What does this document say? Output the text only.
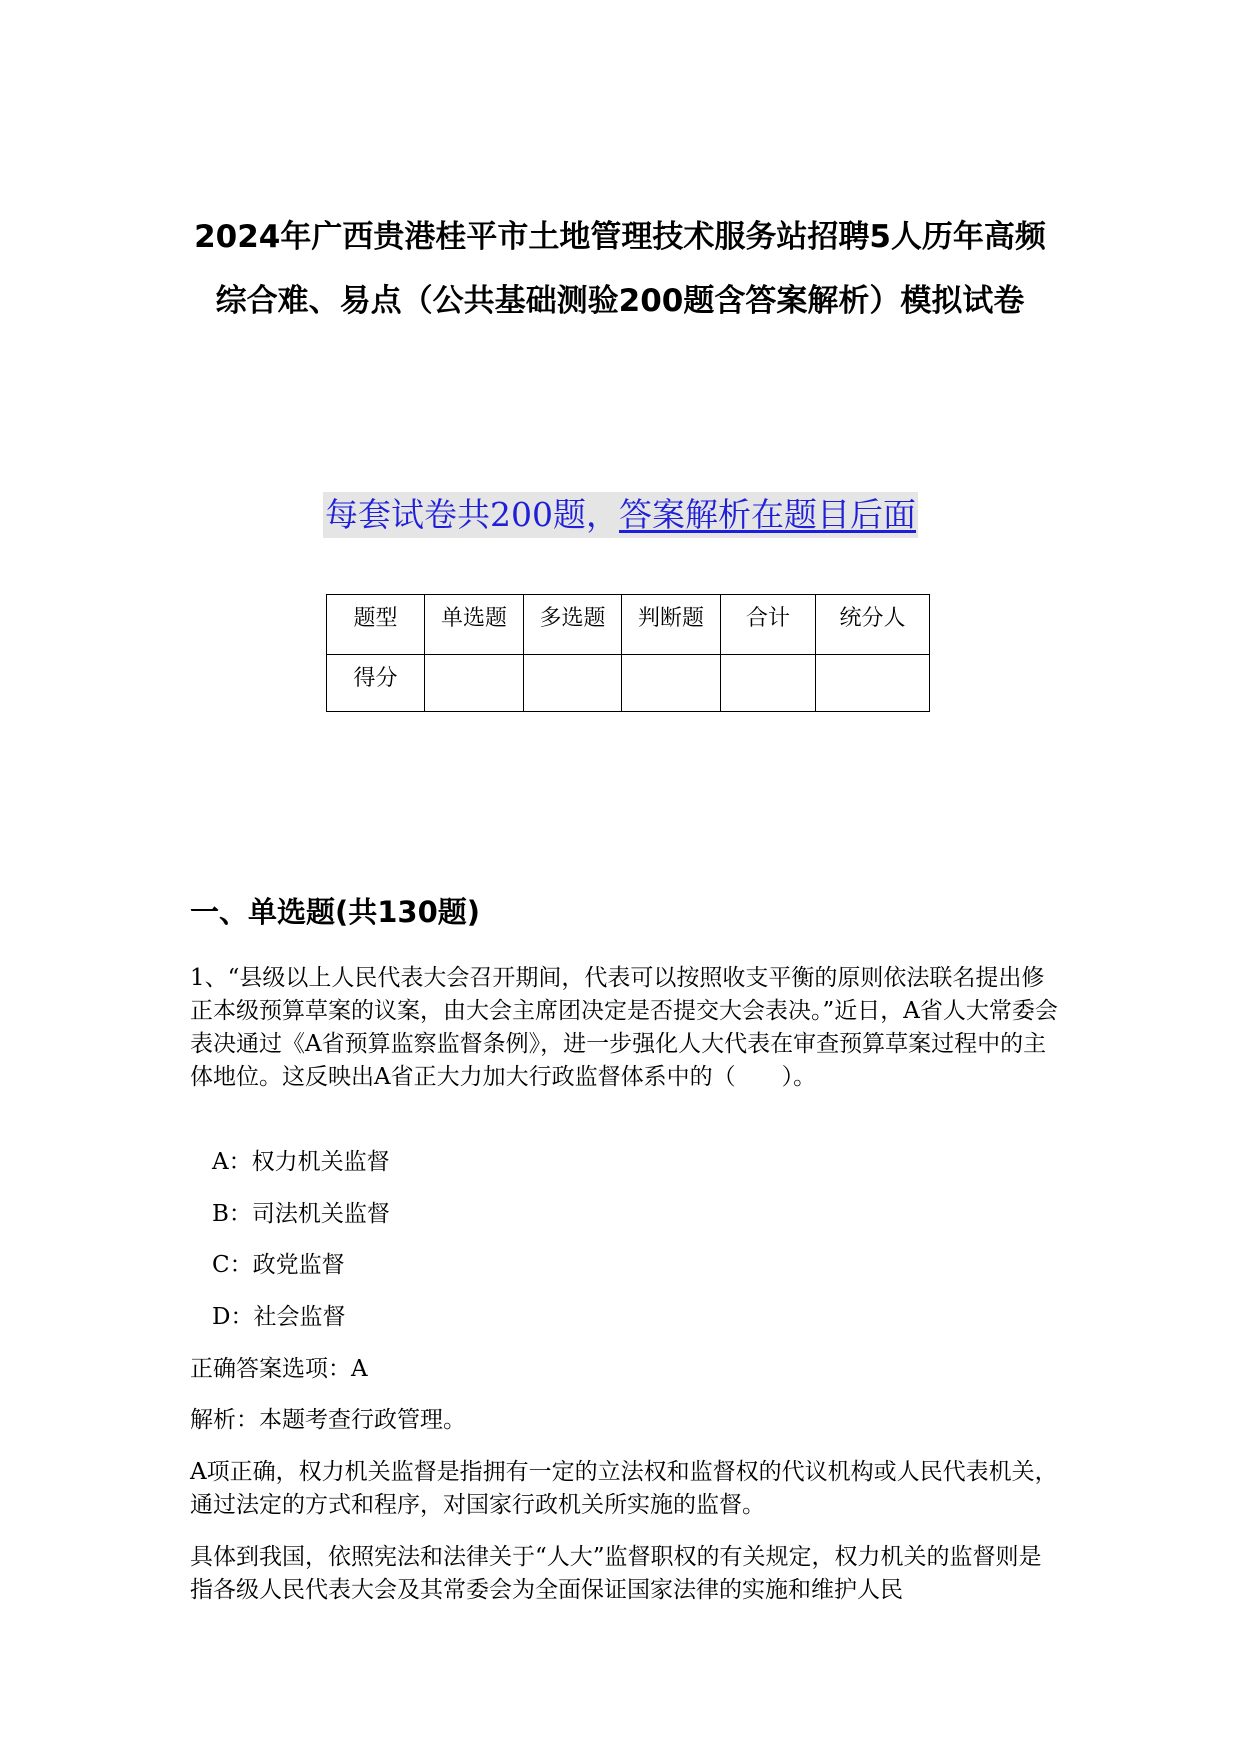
2024年广西贵港桂平市土地管理技术服务站招聘5人历年高频综合难、易点（公共基础测验200题含答案解析）模拟试卷
每套试卷共200题，答案解析在题目后面
题型	单选题	多选题	判断题	合计	统分人
得分					
一、单选题(共130题)

1、“县级以上人民代表大会召开期间，代表可以按照收支平衡的原则依法联名提出修正本级预算草案的议案，由大会主席团决定是否提交大会表决。”近日，A省人大常委会表决通过《A省预算监察监督条例》，进一步强化人大代表在审查预算草案过程中的主体地位。这反映出A省正大力加大行政监督体系中的（　　）。

A：权力机关监督

B：司法机关监督

C：政党监督

D：社会监督

正确答案选项：A

解析：本题考查行政管理。

A项正确，权力机关监督是指拥有一定的立法权和监督权的代议机构或人民代表机关，通过法定的方式和程序，对国家行政机关所实施的监督。

具体到我国，依照宪法和法律关于“人大”监督职权的有关规定，权力机关的监督则是指各级人民代表大会及其常委会为全面保证国家法律的实施和维护人民
